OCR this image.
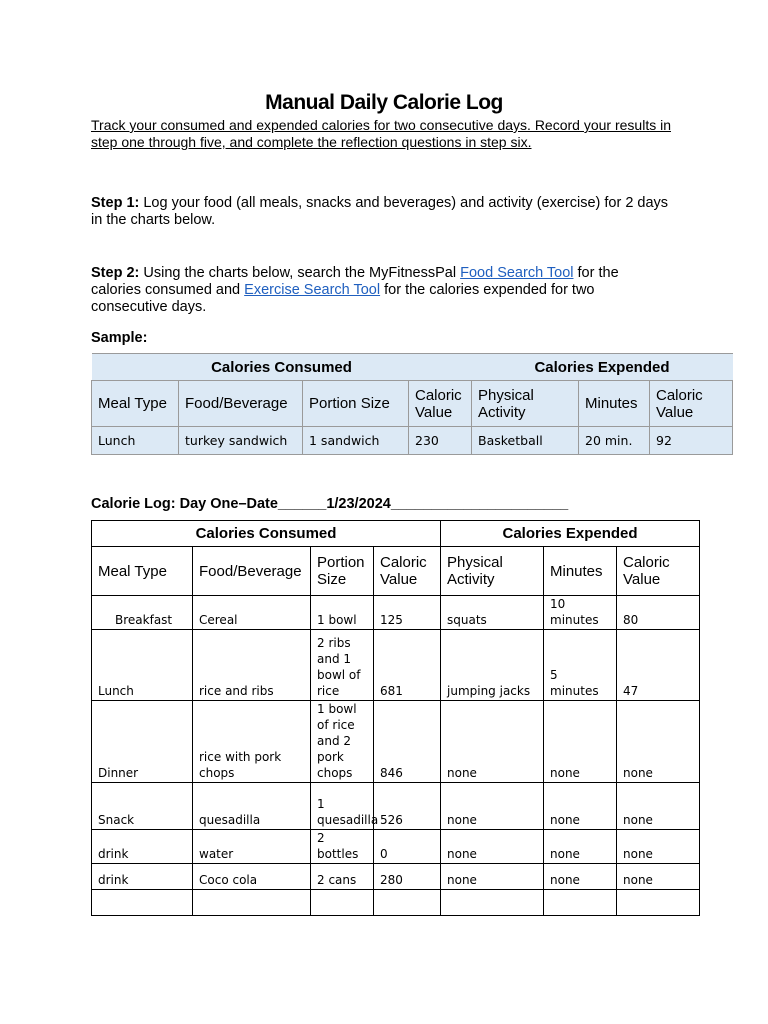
Manual Daily Calorie Log
Track your consumed and expended calories for two consecutive days. Record your results in step one through five, and complete the reflection questions in step six.
Step 1: Log your food (all meals, snacks and beverages) and activity (exercise) for 2 days in the charts below.
Step 2: Using the charts below, search the MyFitnessPal Food Search Tool for the calories consumed and Exercise Search Tool for the calories expended for two consecutive days.
Sample:
Calories Consumed				Calories Expended		
Meal Type	Food/Beverage	Portion Size	Caloric Value	Physical Activity	Minutes	Caloric Value
Lunch	turkey sandwich	1 sandwich	230	Basketball	20 min.	92
Calorie Log: Day One–Date______1/23/2024______________________
Calories Consumed				Calories Expended		
Meal Type	Food/Beverage	Portion Size	Caloric Value	Physical Activity	Minutes	Caloric Value
Breakfast	Cereal	1 bowl	125	squats	10 minutes	80
Lunch	rice and ribs	2 ribs and 1 bowl of rice	681	jumping jacks	5 minutes	47
Dinner	rice with pork chops	1 bowl of rice and 2 pork chops	846	none	none	none
Snack	quesadilla	1 quesadilla	526	none	none	none
drink	water	2 bottles	0	none	none	none
drink	Coco cola	2 cans	280	none	none	none
